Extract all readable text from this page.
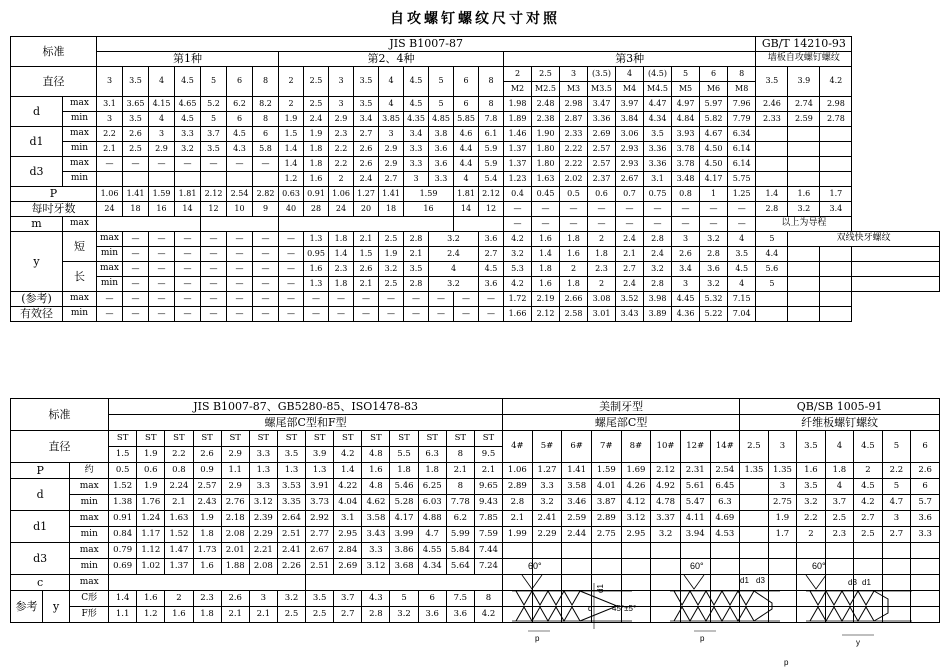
自攻螺钉螺纹尺寸对照
标准		JIS B1007-87																									GB/T 14210-93			
		第1种							第2、4种									第3种									墙板自攻螺钉螺纹			
直径		3	3.5	4	4.5	5	6	8	2	2.5	3	3.5	4	4.5	5	6	8	2	2.5	3	(3.5)	4	(4.5)	5	6	8	3.5	3.9	4.2	
																		M2	M2.5	M3	M3.5	M4	M4.5	M5	M6	M8				
d	max	3.1	3.65	4.15	4.65	5.2	6.2	8.2	2	2.5	3	3.5	4	4.5	5	6	8	1.98	2.48	2.98	3.47	3.97	4.47	4.97	5.97	7.96	2.46	2.74	2.98	
	min	3	3.5	4	4.5	5	6	8	1.9	2.4	2.9	3.4	3.85	4.35	4.85	5.85	7.8	1.89	2.38	2.87	3.36	3.84	4.34	4.84	5.82	7.79	2.33	2.59	2.78	
d1	max	2.2	2.6	3	3.3	3.7	4.5	6	1.5	1.9	2.3	2.7	3	3.4	3.8	4.6	6.1	1.46	1.90	2.33	2.69	3.06	3.5	3.93	4.67	6.34				
	min	2.1	2.5	2.9	3.2	3.5	4.3	5.8	1.4	1.8	2.2	2.6	2.9	3.3	3.6	4.4	5.9	1.37	1.80	2.22	2.57	2.93	3.36	3.78	4.50	6.14				
d3	max	—	—	—	—	—	—	—	1.4	1.8	2.2	2.6	2.9	3.3	3.6	4.4	5.9	1.37	1.80	2.22	2.57	2.93	3.36	3.78	4.50	6.14				
	min								1.2	1.6	2	2.4	2.7	3	3.3	4	5.4	1.23	1.63	2.02	2.37	2.67	3.1	3.48	4.17	5.75				
P		1.06	1.41	1.59	1.81	2.12	2.54	2.82	0.63	0.91	1.06	1.27	1.41	1.59		1.81	2.12	0.4	0.45	0.5	0.6	0.7	0.75	0.8	1	1.25	1.4	1.6	1.7	
每吋牙数		24	18	16	14	12	10	9	40	28	24	20	18	16		14	12	—	—	—	—	—	—	—	—	—	2.8	3.2	3.4	
m	max																	—	—	—	—	—	—	—	—	—	以上为导程			
y	短	max	—	—	—	—	—	—	—	1.3	1.8	2.1	2.5	2.8	3.2		3.6	4.2	1.6	1.8	2	2.4	2.8	3	3.2	4	5	双线快牙螺纹		
		min	—	—	—	—	—	—	—	0.95	1.4	1.5	1.9	2.1	2.4		2.7	3.2	1.4	1.6	1.8	2.1	2.4	2.6	2.8	3.5	4.4			
	长	max	—	—	—	—	—	—	—	1.6	2.3	2.6	3.2	3.5	4		4.5	5.3	1.8	2	2.3	2.7	3.2	3.4	3.6	4.5	5.6			
		min	—	—	—	—	—	—	—	1.3	1.8	2.1	2.5	2.8	3.2		3.6	4.2	1.6	1.8	2	2.4	2.8	3	3.2	4	5			
(参考)	max	—	—	—	—	—	—	—	—	—	—	—	—	—	—	—	—	1.72	2.19	2.66	3.08	3.52	3.98	4.45	5.32	7.15				
有效径	min	—	—	—	—	—	—	—	—	—	—	—	—	—	—	—	—	1.66	2.12	2.58	3.01	3.43	3.89	4.36	5.22	7.04				
标准			JIS B1007-87、GB5280-85、ISO1478-83														美制牙型								QB/SB 1005-91						
			螺尾部C型和F型														螺尾部C型								纤维板螺钉螺纹						
直径			ST	ST	ST	ST	ST	ST	ST	ST	ST	ST	ST	ST	ST	ST	4#	5#	6#	7#	8#	10#	12#	14#	2.5	3	3.5	4	4.5	5	6
			1.5	1.9	2.2	2.6	2.9	3.3	3.5	3.9	4.2	4.8	5.5	6.3	8	9.5															
P		约	0.5	0.6	0.8	0.9	1.1	1.3	1.3	1.3	1.4	1.6	1.8	1.8	2.1	2.1	1.06	1.27	1.41	1.59	1.69	2.12	2.31	2.54	1.35	1.35	1.6	1.8	2	2.2	2.6
d		max	1.52	1.9	2.24	2.57	2.9	3.3	3.53	3.91	4.22	4.8	5.46	6.25	8	9.65	2.89	3.3	3.58	4.01	4.26	4.92	5.61	6.45		3	3.5	4	4.5	5	6
		min	1.38	1.76	2.1	2.43	2.76	3.12	3.35	3.73	4.04	4.62	5.28	6.03	7.78	9.43	2.8	3.2	3.46	3.87	4.12	4.78	5.47	6.3		2.75	3.2	3.7	4.2	4.7	5.7
d1		max	0.91	1.24	1.63	1.9	2.18	2.39	2.64	2.92	3.1	3.58	4.17	4.88	6.2	7.85	2.1	2.41	2.59	2.89	3.12	3.37	4.11	4.69		1.9	2.2	2.5	2.7	3	3.6
		min	0.84	1.17	1.52	1.8	2.08	2.29	2.51	2.77	2.95	3.43	3.99	4.7	5.99	7.59	1.99	2.29	2.44	2.75	2.95	3.2	3.94	4.53		1.7	2	2.3	2.5	2.7	3.3
d3		max	0.79	1.12	1.47	1.73	2.01	2.21	2.41	2.67	2.84	3.3	3.86	4.55	5.84	7.44															
		min	0.69	1.02	1.37	1.6	1.88	2.08	2.26	2.51	2.69	3.12	3.68	4.34	5.64	7.24															
c		max																													
参考	y	C形	1.4	1.6	2	2.3	2.6	3	3.2	3.5	3.7	4.3	5	6	7.5	8															
		F形	1.1	1.2	1.6	1.8	2.1	2.1	2.5	2.5	2.7	2.8	3.2	3.6	3.6	4.2															
60°
d1
d 45°±5°
p
60°
d1 d3
p
60°
d3 d1
y
p
